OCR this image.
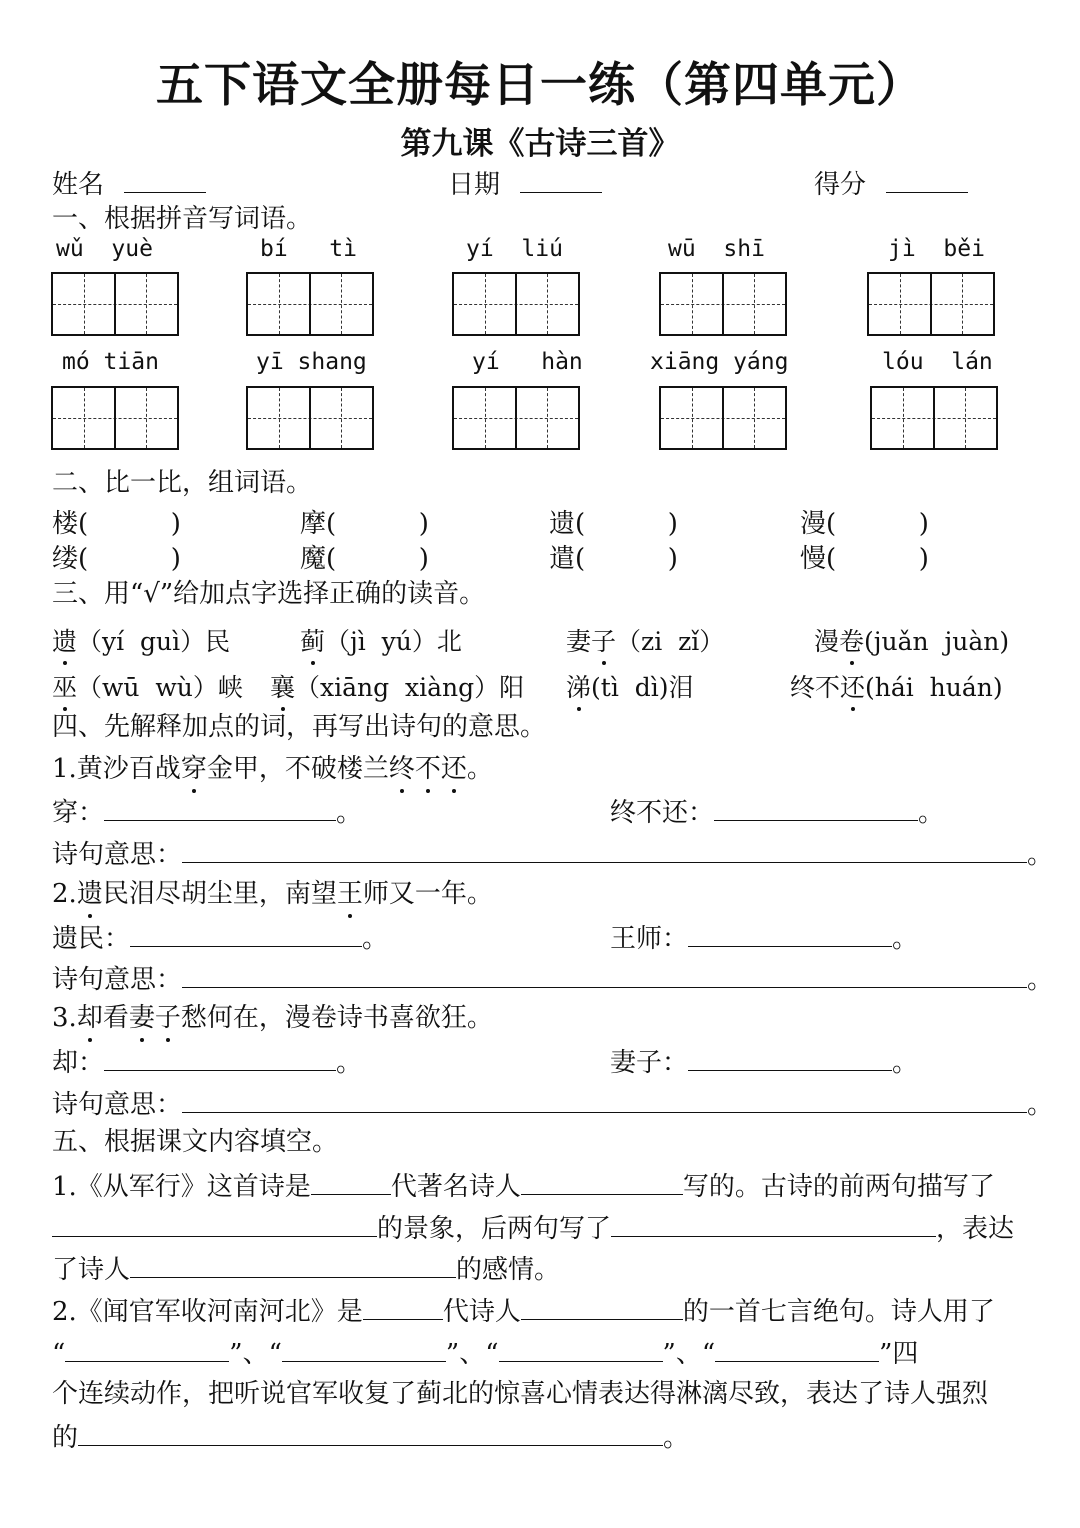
五下语文全册每日一练（第四单元）
第九课《古诗三首》
姓名	日期	得分
一、根据拼音写词语。
wǔ  yuè	bí   tì	yí  liú	wū  shī	jì  běi
mó tiān	yī shang	yí   hàn	xiāng yáng	lóu  lán
二、比一比，组词语。
楼(          )	摩(          )	遗(          )	漫(          )
缕(          )	魔(          )	遣(          )	慢(          )
三、用“√”给加点字选择正确的读音。
遗（yí  guì）民	蓟（jì  yú）北	妻子（zi  zǐ）	漫卷(juǎn  juàn)
巫（wū  wù）峡 襄（xiāng  xiàng）阳 涕(tì  dì)泪	终不还(hái  huán)
四、先解释加点的词，再写出诗句的意思。
1.黄沙百战穿金甲，不破楼兰终不还。
穿：	。	终不还：	。
诗句意思：	。
2.遗民泪尽胡尘里，南望王师又一年。
遗民：	。	王师：	。
诗句意思：	。
3.却看妻子愁何在，漫卷诗书喜欲狂。
却：	。	妻子：	。
诗句意思：	。
五、根据课文内容填空。
1.《从军行》这首诗是	代著名诗人	写的。古诗的前两句描写了
的景象，后两句写了	，表达
了诗人	的感情。
2.《闻官军收河南河北》是	代诗人	的一首七言绝句。诗人用了
“	”、“	”、“	”、“	”四
个连续动作，把听说官军收复了蓟北的惊喜心情表达得淋漓尽致，表达了诗人强烈
的	。
